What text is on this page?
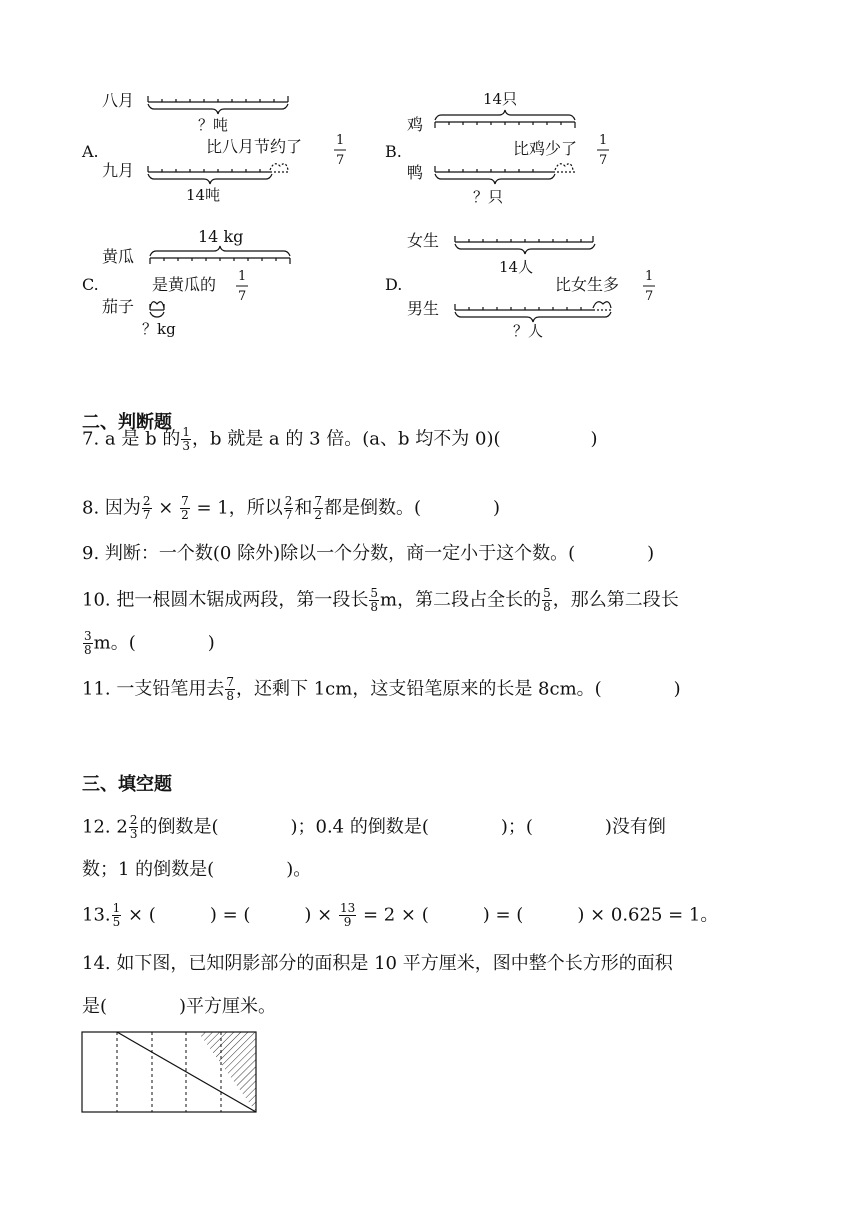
A.
八月
？吨
比八月节约了	1
7
九月
14吨
B.
14只
鸡
比鸡少了 1
7
鸭
？只
C.
14 kg
黄瓜
是黄瓜的 1
7
茄子
？kg
D.
女生
14人
比女生多 1
7
男生
？人
二、判断题
7. a 是 b 的 $\frac{1}{3}$ ，b 就是 a 的 3 倍。(a、b 均不为 0)(　　　　　)
8. 因为 $\frac{2}{7} \times \frac{7}{2} = 1$，所以 $\frac{2}{7}$ 和 $\frac{7}{2}$ 都是倒数。(　　　　)
9. 判断：一个数(0 除外)除以一个分数，商一定小于这个数。(　　　　)
10. 把一根圆木锯成两段，第一段长 $\frac{5}{8}$ m，第二段占全长的 $\frac{5}{8}$ ，那么第二段长
$\frac{3}{8}$ m。(　　　　)
11. 一支铅笔用去 $\frac{7}{8}$ ，还剩下 1cm，这支铅笔原来的长是 8cm。(　　　　)
三、填空题
12. $2 \frac{2}{3}$ 的倒数是(　　　　)；0.4 的倒数是(　　　　)；(　　　　)没有倒
数；1 的倒数是(　　　　)。
13. $\frac{1}{5}$ × (　　　) = (　　　) × $\frac{13}{9} = 2$ × (　　　) = (　　　) × 0.625 = 1。
14. 如下图，已知阴影部分的面积是 10 平方厘米，图中整个长方形的面积
是(　　　　)平方厘米。
